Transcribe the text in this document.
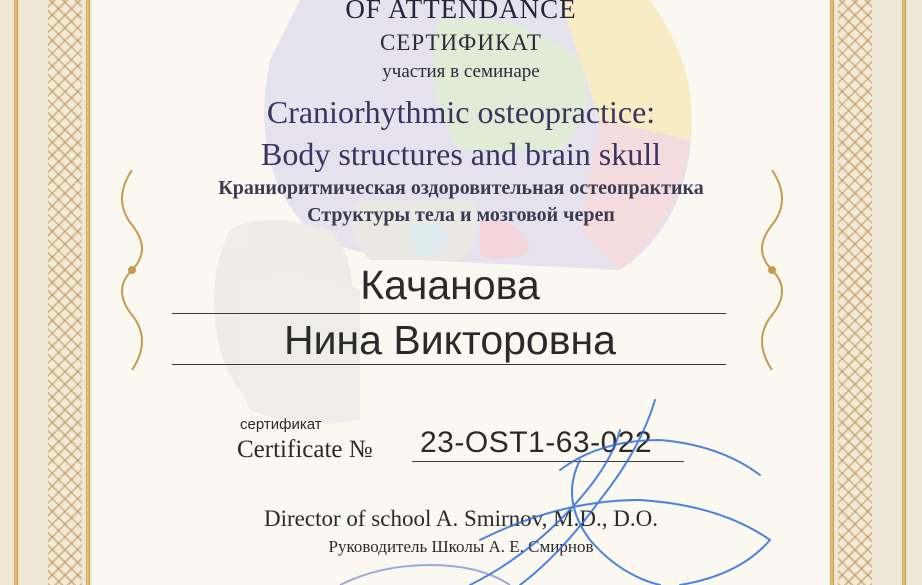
OF ATTENDANCE

СЕРТИФИКАТ

участия в семинаре

Craniorhythmic osteopractice:

Body structures and brain skull

Краниоритмическая оздоровительная остеопрактика

Структуры тела и мозговой череп

Качанова
Нина Викторовна
сертификат
Certificate № 23-OST1-63-022

Director of school A. Smirnov, M.D., D.O.

Руководитель Школы А. Е. Смирнов
